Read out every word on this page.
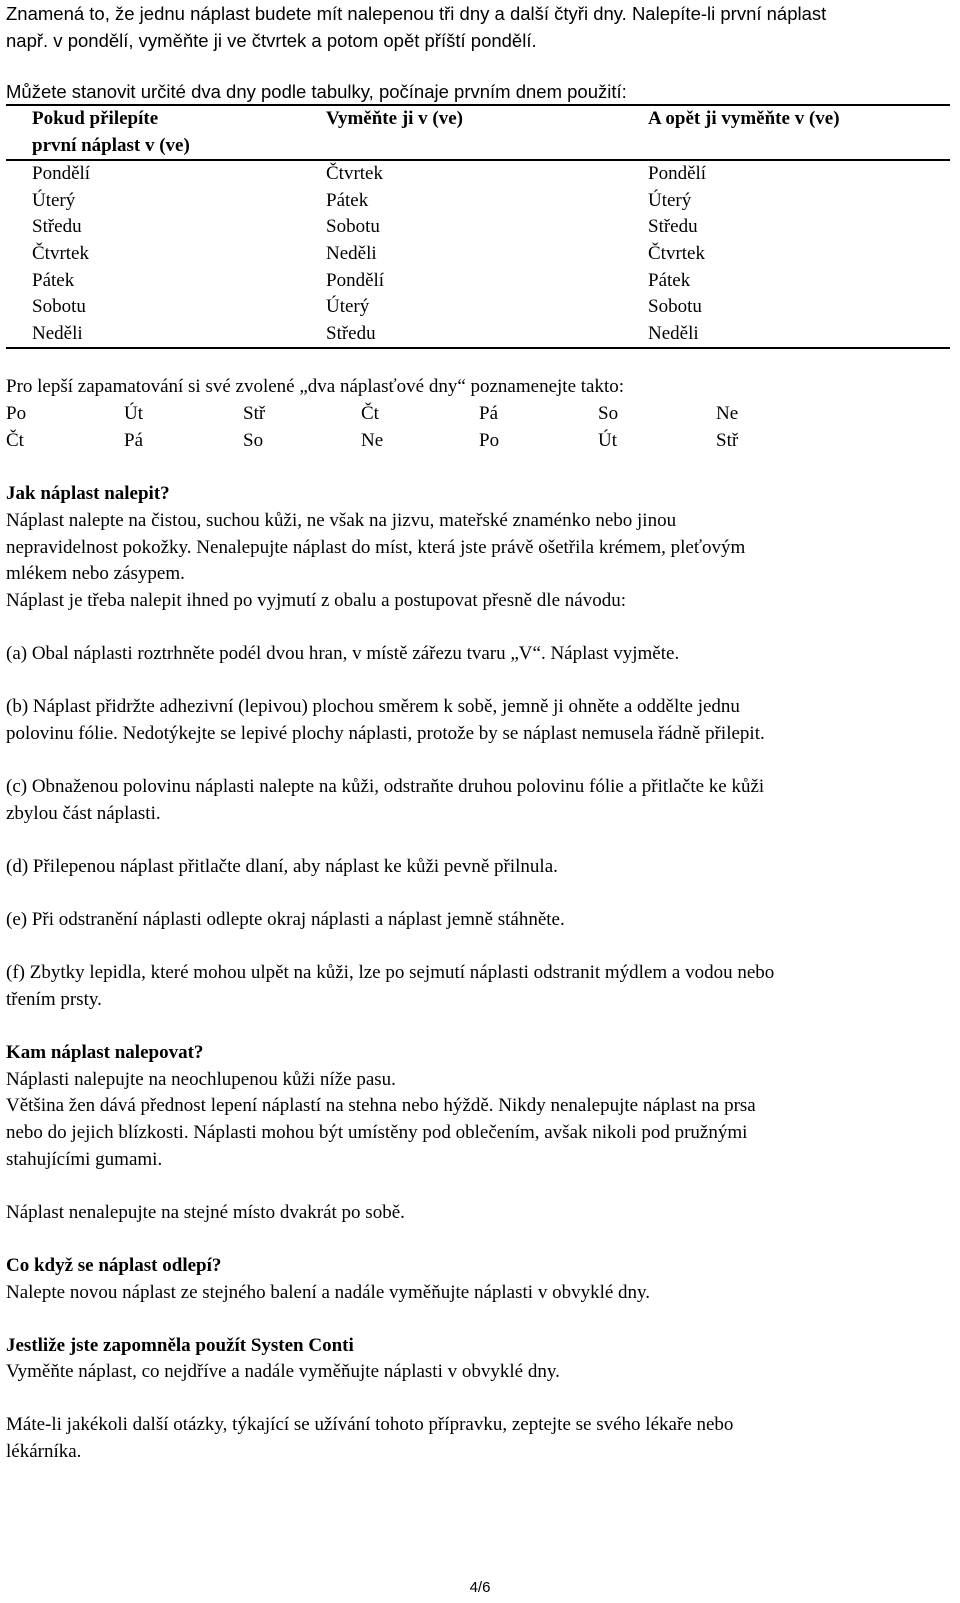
Znamená to, že jednu náplast budete mít nalepenou tři dny a další čtyři dny. Nalepíte-li první náplast

např. v pondělí, vyměňte ji ve čtvrtek a potom opět příští pondělí.

Můžete stanovit určité dva dny podle tabulky, počínaje prvním dnem použití:

Pokud přilepíte	Vyměňte ji v (ve)	A opět ji vyměňte v (ve)
první náplast v (ve)
Pondělí	Čtvrtek	Pondělí
Úterý	Pátek	Úterý
Středu	Sobotu	Středu
Čtvrtek	Neděli	Čtvrtek
Pátek	Pondělí	Pátek
Sobotu	Úterý	Sobotu
Neděli	Středu	Neděli

Pro lepší zapamatování si své zvolené „dva náplasťové dny“ poznamenejte takto:

Po	Út	Stř	Čt	Pá	So	Ne
Čt	Pá	So	Ne	Po	Út	Stř

Jak náplast nalepit?

Náplast nalepte na čistou, suchou kůži, ne však na jizvu, mateřské znaménko nebo jinou

nepravidelnost pokožky. Nenalepujte náplast do míst, která jste právě ošetřila krémem, pleťovým

mlékem nebo zásypem.

Náplast je třeba nalepit ihned po vyjmutí z obalu a postupovat přesně dle návodu:

(a) Obal náplasti roztrhněte podél dvou hran, v místě zářezu tvaru „V“. Náplast vyjměte.

(b) Náplast přidržte adhezivní (lepivou) plochou směrem k sobě, jemně ji ohněte a oddělte jednu

polovinu fólie. Nedotýkejte se lepivé plochy náplasti, protože by se náplast nemusela řádně přilepit.

(c) Obnaženou polovinu náplasti nalepte na kůži, odstraňte druhou polovinu fólie a přitlačte ke kůži

zbylou část náplasti.

(d) Přilepenou náplast přitlačte dlaní, aby náplast ke kůži pevně přilnula.

(e) Při odstranění náplasti odlepte okraj náplasti a náplast jemně stáhněte.

(f) Zbytky lepidla, které mohou ulpět na kůži, lze po sejmutí náplasti odstranit mýdlem a vodou nebo

třením prsty.

Kam náplast nalepovat?

Náplasti nalepujte na neochlupenou kůži níže pasu.

Většina žen dává přednost lepení náplastí na stehna nebo hýždě. Nikdy nenalepujte náplast na prsa

nebo do jejich blízkosti. Náplasti mohou být umístěny pod oblečením, avšak nikoli pod pružnými

stahujícími gumami.

Náplast nenalepujte na stejné místo dvakrát po sobě.

Co když se náplast odlepí?

Nalepte novou náplast ze stejného balení a nadále vyměňujte náplasti v obvyklé dny.

Jestliže jste zapomněla použít Systen Conti

Vyměňte náplast, co nejdříve a nadále vyměňujte náplasti v obvyklé dny.

Máte-li jakékoli další otázky, týkající se užívání tohoto přípravku, zeptejte se svého lékaře nebo

lékárníka.

4/6
